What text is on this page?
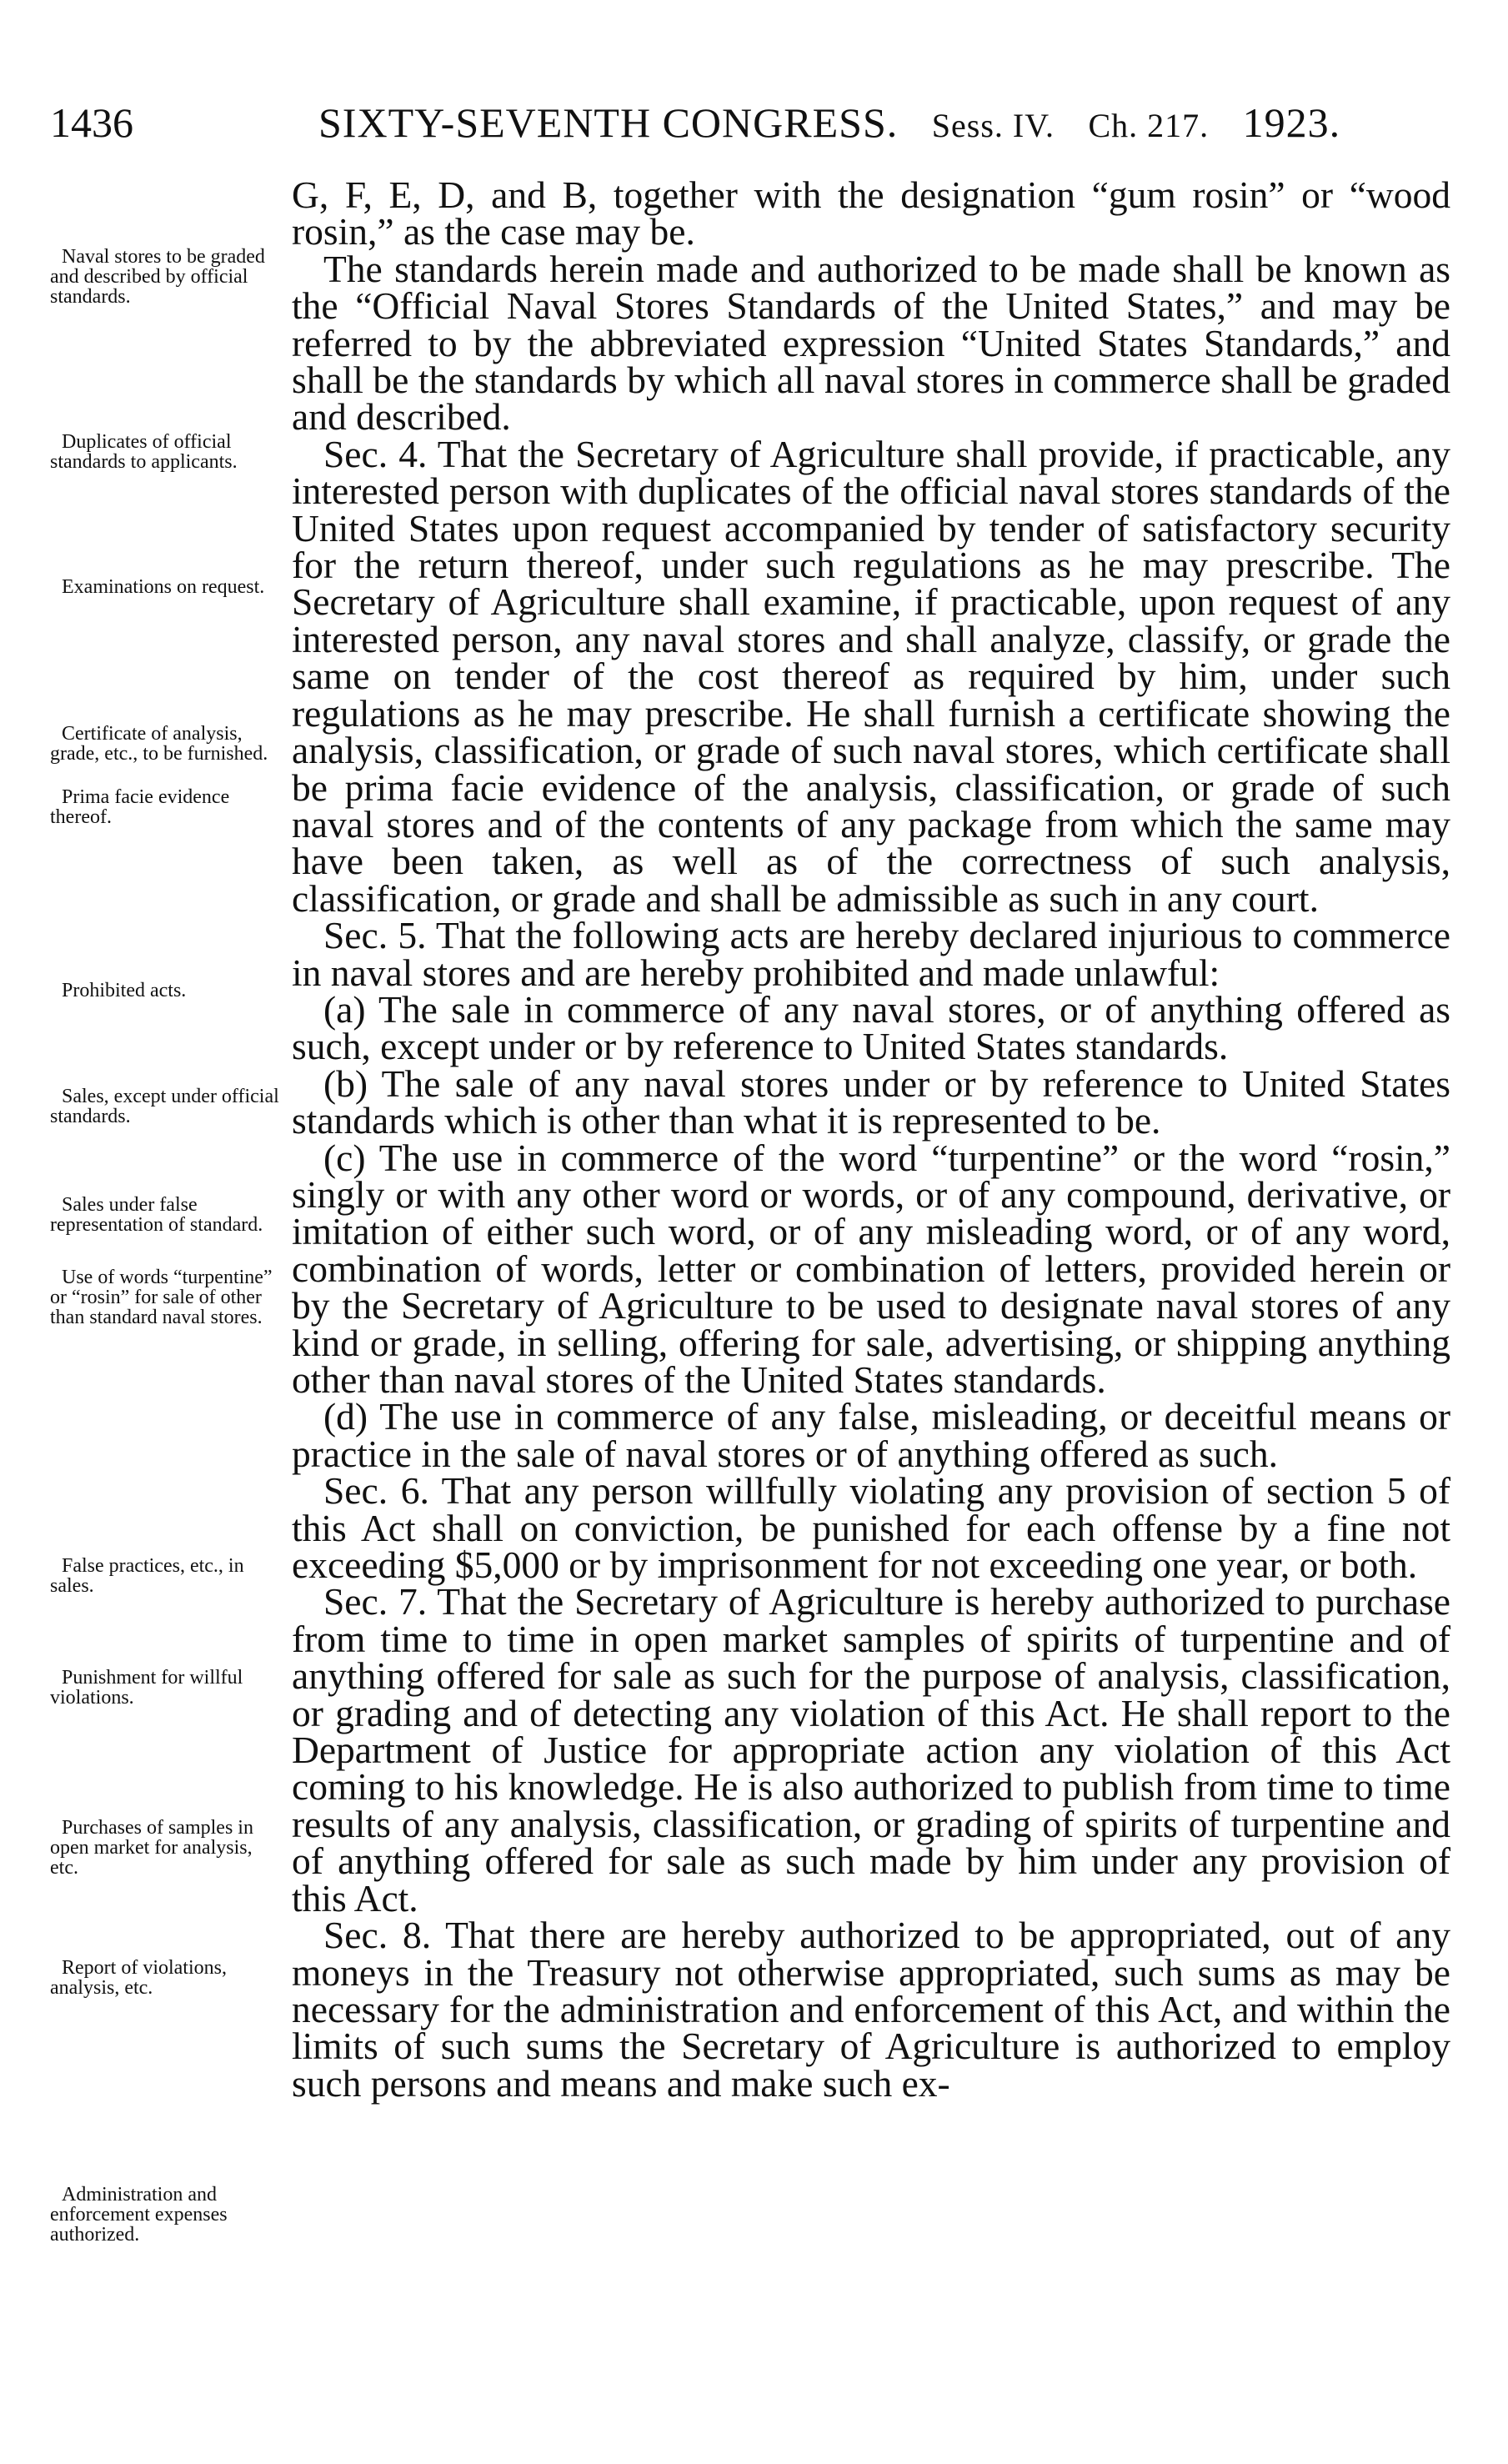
1436	SIXTY-SEVENTH CONGRESS. Sess. IV. Ch. 217. 1923.

G, F, E, D, and B, together with the designation “gum rosin” or “wood rosin,” as the case may be.

The standards herein made and authorized to be made shall be known as the “Official Naval Stores Standards of the United States,” and may be referred to by the abbreviated expression “United States Standards,” and shall be the standards by which all naval stores in commerce shall be graded and described.

Sec. 4. That the Secretary of Agriculture shall provide, if practicable, any interested person with duplicates of the official naval stores standards of the United States upon request accompanied by tender of satisfactory security for the return thereof, under such regulations as he may prescribe. The Secretary of Agriculture shall examine, if practicable, upon request of any interested person, any naval stores and shall analyze, classify, or grade the same on tender of the cost thereof as required by him, under such regulations as he may prescribe. He shall furnish a certificate showing the analysis, classification, or grade of such naval stores, which certificate shall be prima facie evidence of the analysis, classification, or grade of such naval stores and of the contents of any package from which the same may have been taken, as well as of the correctness of such analysis, classification, or grade and shall be admissible as such in any court.

Sec. 5. That the following acts are hereby declared injurious to commerce in naval stores and are hereby prohibited and made unlawful:

(a) The sale in commerce of any naval stores, or of anything offered as such, except under or by reference to United States standards.

(b) The sale of any naval stores under or by reference to United States standards which is other than what it is represented to be.

(c) The use in commerce of the word “turpentine” or the word “rosin,” singly or with any other word or words, or of any compound, derivative, or imitation of either such word, or of any misleading word, or of any word, combination of words, letter or combination of letters, provided herein or by the Secretary of Agriculture to be used to designate naval stores of any kind or grade, in selling, offering for sale, advertising, or shipping anything other than naval stores of the United States standards.

(d) The use in commerce of any false, misleading, or deceitful means or practice in the sale of naval stores or of anything offered as such.

Sec. 6. That any person willfully violating any provision of section 5 of this Act shall on conviction, be punished for each offense by a fine not exceeding $5,000 or by imprisonment for not exceeding one year, or both.

Sec. 7. That the Secretary of Agriculture is hereby authorized to purchase from time to time in open market samples of spirits of turpentine and of anything offered for sale as such for the purpose of analysis, classification, or grading and of detecting any violation of this Act. He shall report to the Department of Justice for appropriate action any violation of this Act coming to his knowledge. He is also authorized to publish from time to time results of any analysis, classification, or grading of spirits of turpentine and of anything offered for sale as such made by him under any provision of this Act.

Sec. 8. That there are hereby authorized to be appropriated, out of any moneys in the Treasury not otherwise appropriated, such sums as may be necessary for the administration and enforcement of this Act, and within the limits of such sums the Secretary of Agriculture is authorized to employ such persons and means and make such ex-

Naval stores to be graded and described by official standards.

Duplicates of official standards to applicants.

Examinations on request.

Certificate of analysis, grade, etc., to be furnished.

Prima facie evidence thereof.

Prohibited acts.

Sales, except under official standards.

Sales under false representation of standard.

Use of words “turpentine” or “rosin” for sale of other than standard naval stores.

False practices, etc., in sales.

Punishment for willful violations.

Purchases of samples in open market for analysis, etc.

Report of violations, analysis, etc.

Administration and enforcement expenses authorized.
